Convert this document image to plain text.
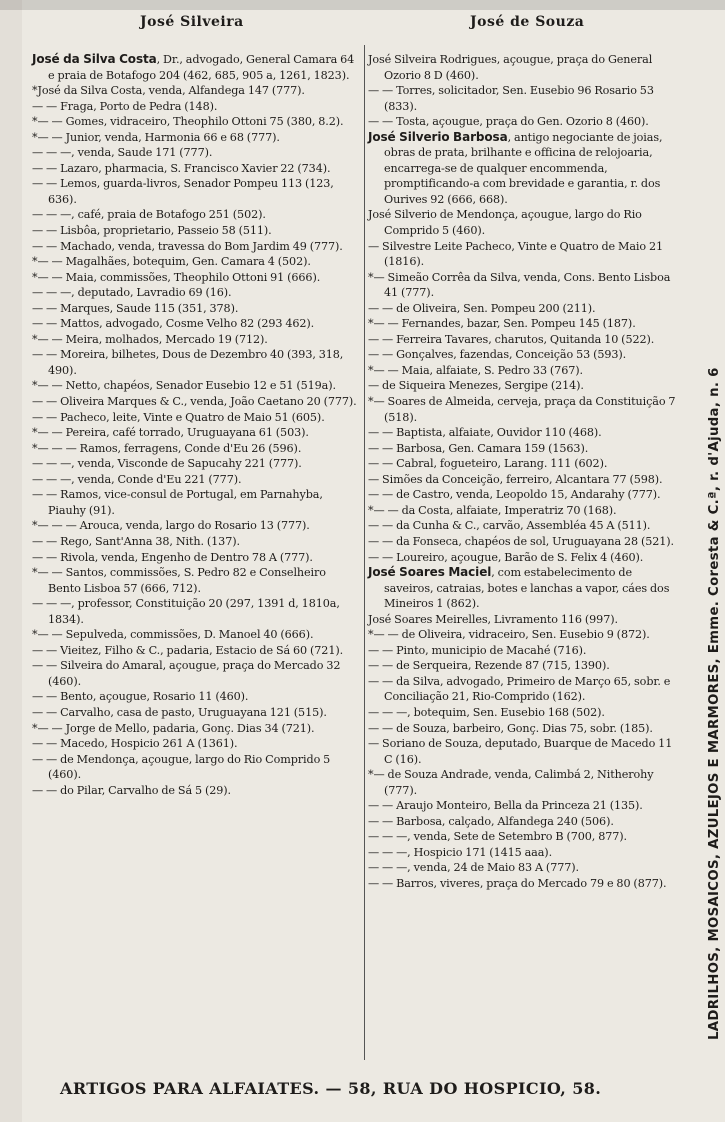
José Silveira	José de Souza
José da Silva Costa, Dr., advogado, General Camara 64 e praia de Botafogo 204 (462, 685, 905 a, 1261, 1823).
*José da Silva Costa, venda, Alfandega 147 (777).
— — Fraga, Porto de Pedra (148).
*— — Gomes, vidraceiro, Theophilo Ottoni 75 (380, 8.2).
*— — Junior, venda, Harmonia 66 e 68 (777).
— — —, venda, Saude 171 (777).
— — Lazaro, pharmacia, S. Francisco Xavier 22 (734).
— — Lemos, guarda-livros, Senador Pompeu 113 (123, 636).
— — —, café, praia de Botafogo 251 (502).
— — Lisbôa, proprietario, Passeio 58 (511).
— — Machado, venda, travessa do Bom Jardim 49 (777).
*— — Magalhães, botequim, Gen. Camara 4 (502).
*— — Maia, commissões, Theophilo Ottoni 91 (666).
— — —, deputado, Lavradio 69 (16).
— — Marques, Saude 115 (351, 378).
— — Mattos, advogado, Cosme Velho 82 (293 462).
*— — Meira, molhados, Mercado 19 (712).
— — Moreira, bilhetes, Dous de Dezembro 40 (393, 318, 490).
*— — Netto, chapéos, Senador Eusebio 12 e 51 (519a).
— — Oliveira Marques & C., venda, João Caetano 20 (777).
— — Pacheco, leite, Vinte e Quatro de Maio 51 (605).
*— — Pereira, café torrado, Uruguayana 61 (503).
*— — — Ramos, ferragens, Conde d'Eu 26 (596).
— — —, venda, Visconde de Sapucahy 221 (777).
— — —, venda, Conde d'Eu 221 (777).
— — Ramos, vice-consul de Portugal, em Parnahyba, Piauhy (91).
*— — — Arouca, venda, largo do Rosario 13 (777).
— — Rego, Sant'Anna 38, Nith. (137).
— — Rivola, venda, Engenho de Dentro 78 A (777).
*— — Santos, commissões, S. Pedro 82 e Conselheiro Bento Lisboa 57 (666, 712).
— — —, professor, Constituição 20 (297, 1391 d, 1810a, 1834).
*— — Sepulveda, commissões, D. Manoel 40 (666).
— — Vieitez, Filho & C., padaria, Estacio de Sá 60 (721).
— — Silveira do Amaral, açougue, praça do Mercado 32 (460).
— — Bento, açougue, Rosario 11 (460).
— — Carvalho, casa de pasto, Uruguayana 121 (515).
*— — Jorge de Mello, padaria, Gonç. Dias 34 (721).
— — Macedo, Hospicio 261 A (1361).
— — de Mendonça, açougue, largo do Rio Comprido 5 (460).
— — do Pilar, Carvalho de Sá 5 (29).
José Silveira Rodrigues, açougue, praça do General Ozorio 8 D (460).
— — Torres, solicitador, Sen. Eusebio 96 Rosario 53 (833).
— — Tosta, açougue, praça do Gen. Ozorio 8 (460).
José Silverio Barbosa, antigo negociante de joias, obras de prata, brilhante e officina de relojoaria, encarrega-se de qualquer encommenda, promptificando-a com brevidade e garantia, r. dos Ourives 92 (666, 668).
José Silverio de Mendonça, açougue, largo do Rio Comprido 5 (460).
— Silvestre Leite Pacheco, Vinte e Quatro de Maio 21 (1816).
*— Simeão Corrêa da Silva, venda, Cons. Bento Lisboa 41 (777).
— — de Oliveira, Sen. Pompeu 200 (211).
*— — Fernandes, bazar, Sen. Pompeu 145 (187).
— — Ferreira Tavares, charutos, Quitanda 10 (522).
— — Gonçalves, fazendas, Conceição 53 (593).
*— — Maia, alfaiate, S. Pedro 33 (767).
— de Siqueira Menezes, Sergipe (214).
*— Soares de Almeida, cerveja, praça da Constituição 7 (518).
— — Baptista, alfaiate, Ouvidor 110 (468).
— — Barbosa, Gen. Camara 159 (1563).
— — Cabral, fogueteiro, Larang. 111 (602).
— Simões da Conceição, ferreiro, Alcantara 77 (598).
— — de Castro, venda, Leopoldo 15, Andarahy (777).
*— — da Costa, alfaiate, Imperatriz 70 (168).
— — da Cunha & C., carvão, Assembléa 45 A (511).
— — da Fonseca, chapéos de sol, Uruguayana 28 (521).
— — Loureiro, açougue, Barão de S. Felix 4 (460).
José Soares Maciel, com estabelecimento de saveiros, catraias, botes e lanchas a vapor, cáes dos Mineiros 1 (862).
José Soares Meirelles, Livramento 116 (997).
*— — de Oliveira, vidraceiro, Sen. Eusebio 9 (872).
— — Pinto, municipio de Macahé (716).
— — de Serqueira, Rezende 87 (715, 1390).
— — da Silva, advogado, Primeiro de Março 65, sobr. e Conciliação 21, Rio-Comprido (162).
— — —, botequim, Sen. Eusebio 168 (502).
— — de Souza, barbeiro, Gonç. Dias 75, sobr. (185).
— Soriano de Souza, deputado, Buarque de Macedo 11 C (16).
*— de Souza Andrade, venda, Calimbá 2, Nitherohy (777).
— — Araujo Monteiro, Bella da Princeza 21 (135).
— — Barbosa, calçado, Alfandega 240 (506).
— — —, venda, Sete de Setembro B (700, 877).
— — —, Hospicio 171 (1415 aaa).
— — —, venda, 24 de Maio 83 A (777).
— — Barros, viveres, praça do Mercado 79 e 80 (877).	LADRILHOS, MOSAICOS, AZULEJOS E MARMORES, Emme. Coresta & C.ª, r. d'Ajuda, n. 6
ARTIGOS PARA ALFAIATES. — 58, RUA DO HOSPICIO, 58.
